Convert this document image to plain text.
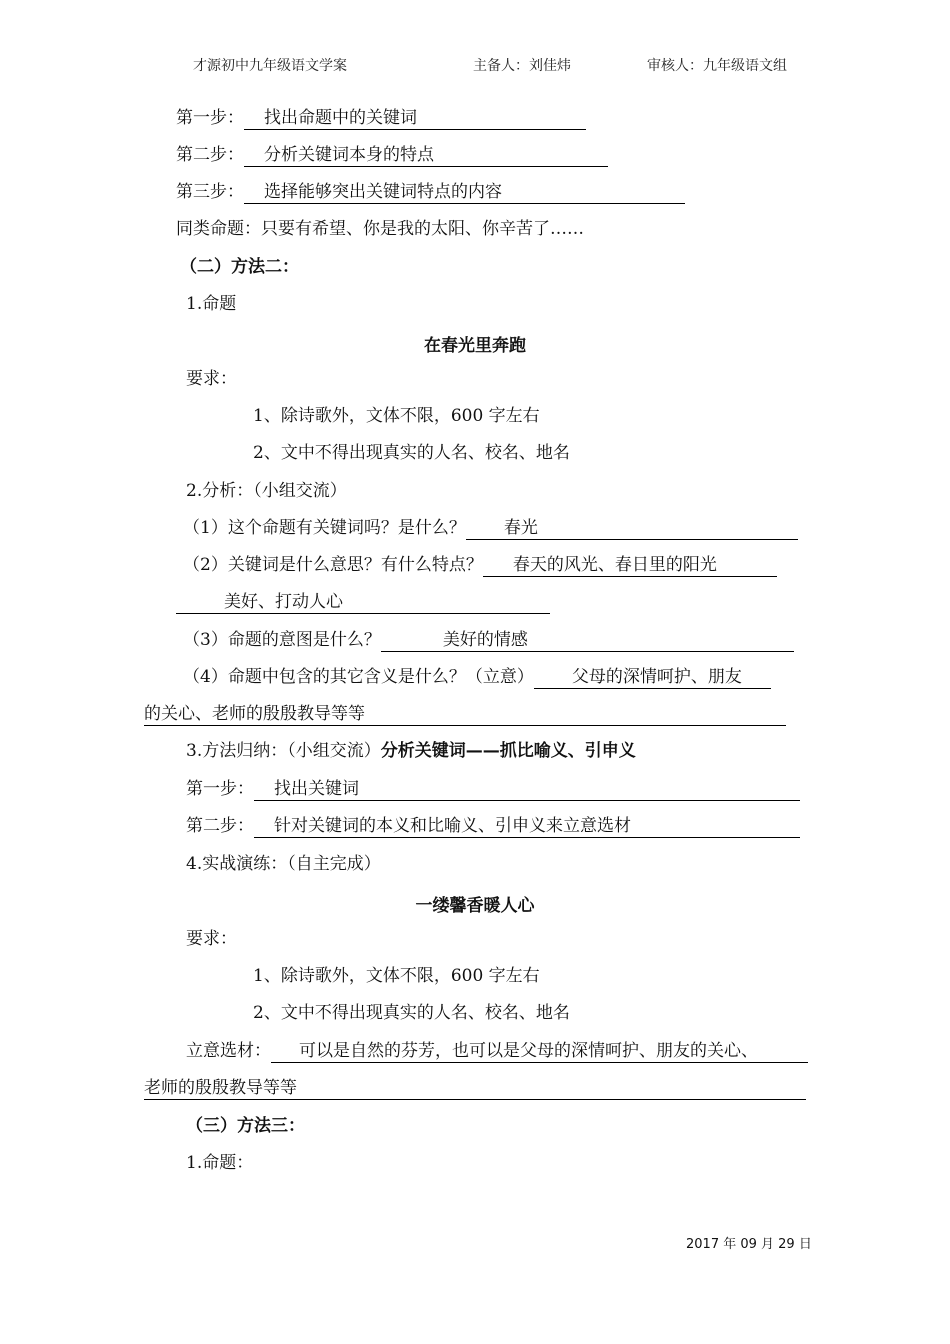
才源初中九年级语文学案	主备人：刘佳炜	审核人：九年级语文组
第一步： 找出命题中的关键词
第二步： 分析关键词本身的特点
第三步： 选择能够突出关键词特点的内容
同类命题：只要有希望、你是我的太阳、你辛苦了……
（二）方法二：
1.命题
在春光里奔跑
要求：
1、除诗歌外，文体不限，600 字左右
2、文中不得出现真实的人名、校名、地名
2.分析：（小组交流）
（1）这个命题有关键词吗？是什么？ 春光
（2）关键词是什么意思？有什么特点？ 春天的风光、春日里的阳光
美好、打动人心
（3）命题的意图是什么？	美好的情感
（4）命题中包含的其它含义是什么？（立意） 父母的深情呵护、朋友
的关心、老师的殷殷教导等等
3.方法归纳：（小组交流）分析关键词——抓比喻义、引申义
第一步： 找出关键词
第二步： 针对关键词的本义和比喻义、引申义来立意选材
4.实战演练：（自主完成）
一缕馨香暖人心
要求：
1、除诗歌外，文体不限，600 字左右
2、文中不得出现真实的人名、校名、地名
立意选材： 可以是自然的芬芳，也可以是父母的深情呵护、朋友的关心、
老师的殷殷教导等等
（三）方法三：
1.命题：
2017 年 09 月 29 日
